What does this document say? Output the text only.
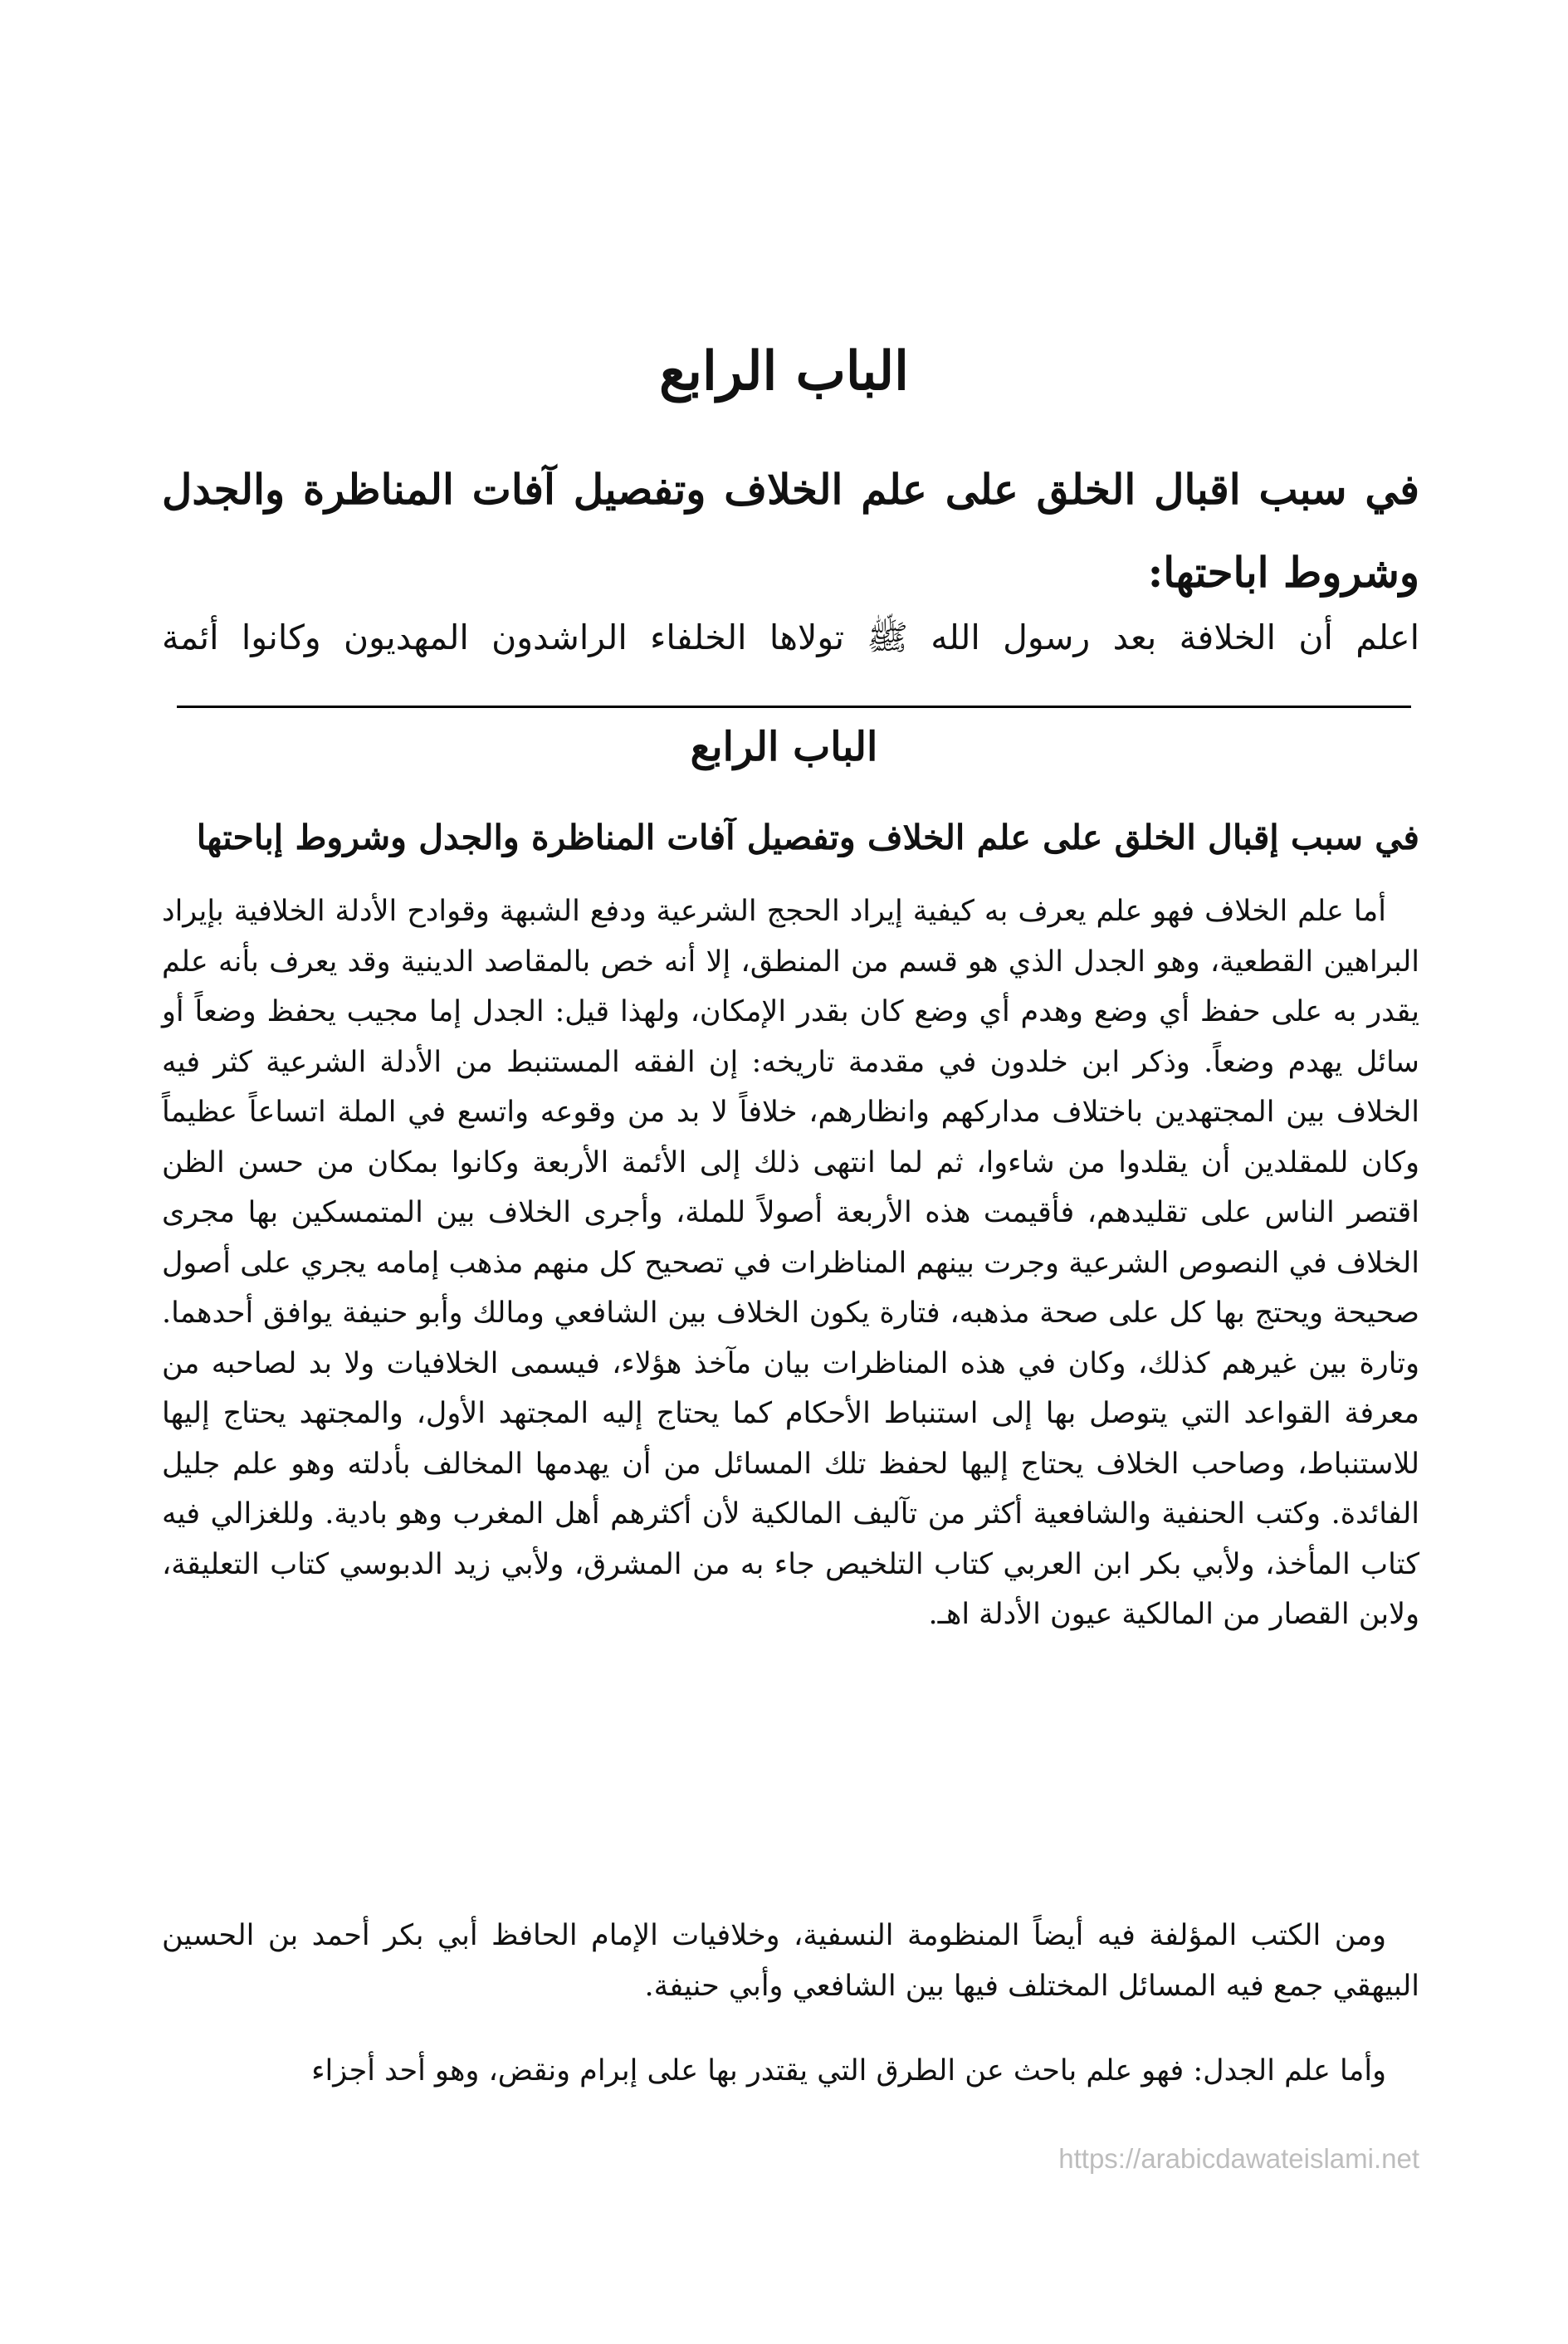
الباب الرابع
في سبب اقبال الخلق على علم الخلاف وتفصيل آفات المناظرة والجدل وشروط اباحتها:
اعلم أن الخلافة بعد رسول الله ﷺ تولاها الخلفاء الراشدون المهديون وكانوا أئمة
الباب الرابع
في سبب إقبال الخلق على علم الخلاف وتفصيل آفات المناظرة والجدل وشروط إباحتها
أما علم الخلاف فهو علم يعرف به كيفية إيراد الحجج الشرعية ودفع الشبهة وقوادح الأدلة الخلافية بإيراد البراهين القطعية، وهو الجدل الذي هو قسم من المنطق، إلا أنه خص بالمقاصد الدينية وقد يعرف بأنه علم يقدر به على حفظ أي وضع وهدم أي وضع كان بقدر الإمكان، ولهذا قيل: الجدل إما مجيب يحفظ وضعاً أو سائل يهدم وضعاً. وذكر ابن خلدون في مقدمة تاريخه: إن الفقه المستنبط من الأدلة الشرعية كثر فيه الخلاف بين المجتهدين باختلاف مداركهم وانظارهم، خلافاً لا بد من وقوعه واتسع في الملة اتساعاً عظيماً وكان للمقلدين أن يقلدوا من شاءوا، ثم لما انتهى ذلك إلى الأئمة الأربعة وكانوا بمكان من حسن الظن اقتصر الناس على تقليدهم، فأقيمت هذه الأربعة أصولاً للملة، وأجرى الخلاف بين المتمسكين بها مجرى الخلاف في النصوص الشرعية وجرت بينهم المناظرات في تصحيح كل منهم مذهب إمامه يجري على أصول صحيحة ويحتج بها كل على صحة مذهبه، فتارة يكون الخلاف بين الشافعي ومالك وأبو حنيفة يوافق أحدهما. وتارة بين غيرهم كذلك، وكان في هذه المناظرات بيان مآخذ هؤلاء، فيسمى الخلافيات ولا بد لصاحبه من معرفة القواعد التي يتوصل بها إلى استنباط الأحكام كما يحتاج إليه المجتهد الأول، والمجتهد يحتاج إليها للاستنباط، وصاحب الخلاف يحتاج إليها لحفظ تلك المسائل من أن يهدمها المخالف بأدلته وهو علم جليل الفائدة. وكتب الحنفية والشافعية أكثر من تآليف المالكية لأن أكثرهم أهل المغرب وهو بادية. وللغزالي فيه كتاب المأخذ، ولأبي بكر ابن العربي كتاب التلخيص جاء به من المشرق، ولأبي زيد الدبوسي كتاب التعليقة، ولابن القصار من المالكية عيون الأدلة اهـ.
ومن الكتب المؤلفة فيه أيضاً المنظومة النسفية، وخلافيات الإمام الحافظ أبي بكر أحمد بن الحسين البيهقي جمع فيه المسائل المختلف فيها بين الشافعي وأبي حنيفة.
وأما علم الجدل: فهو علم باحث عن الطرق التي يقتدر بها على إبرام ونقض، وهو أحد أجزاء
https://arabicdawateislami.net
